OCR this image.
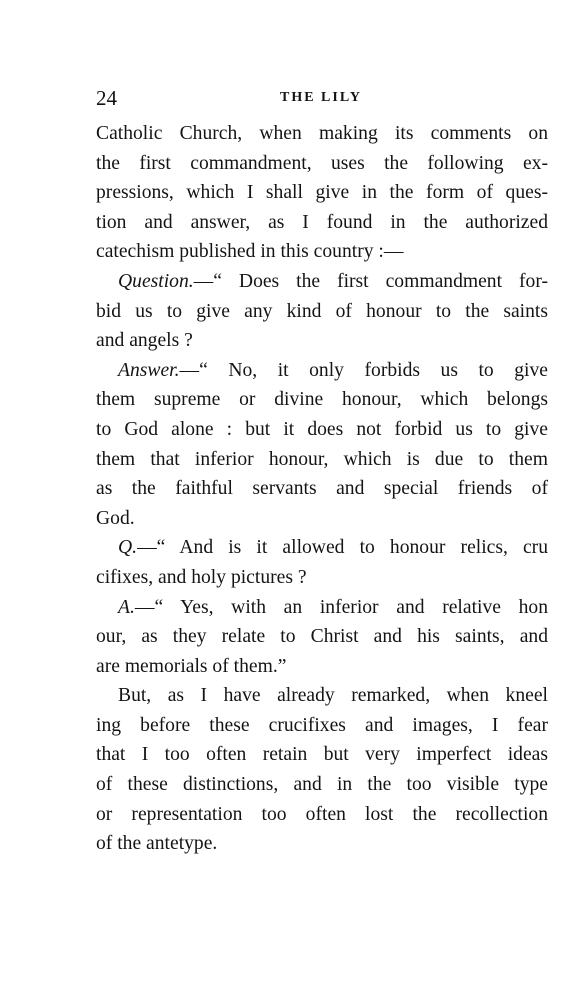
24	THE LILY
Catholic Church, when making its comments on
the first commandment, uses the following ex-
pressions, which I shall give in the form of ques-
tion and answer, as I found in the authorized
catechism published in this country :—
Question.—“ Does the first commandment for-
bid us to give any kind of honour to the saints
and angels ?
Answer.—“ No, it only forbids us to give
them supreme or divine honour, which belongs
to God alone : but it does not forbid us to give
them that inferior honour, which is due to them
as the faithful servants and special friends of
God.
Q.—“ And is it allowed to honour relics, cru
cifixes, and holy pictures ?
A.—“ Yes, with an inferior and relative hon
our, as they relate to Christ and his saints, and
are memorials of them.”
But, as I have already remarked, when kneel
ing before these crucifixes and images, I fear
that I too often retain but very imperfect ideas
of these distinctions, and in the too visible type
or representation too often lost the recollection
of the antetype.
